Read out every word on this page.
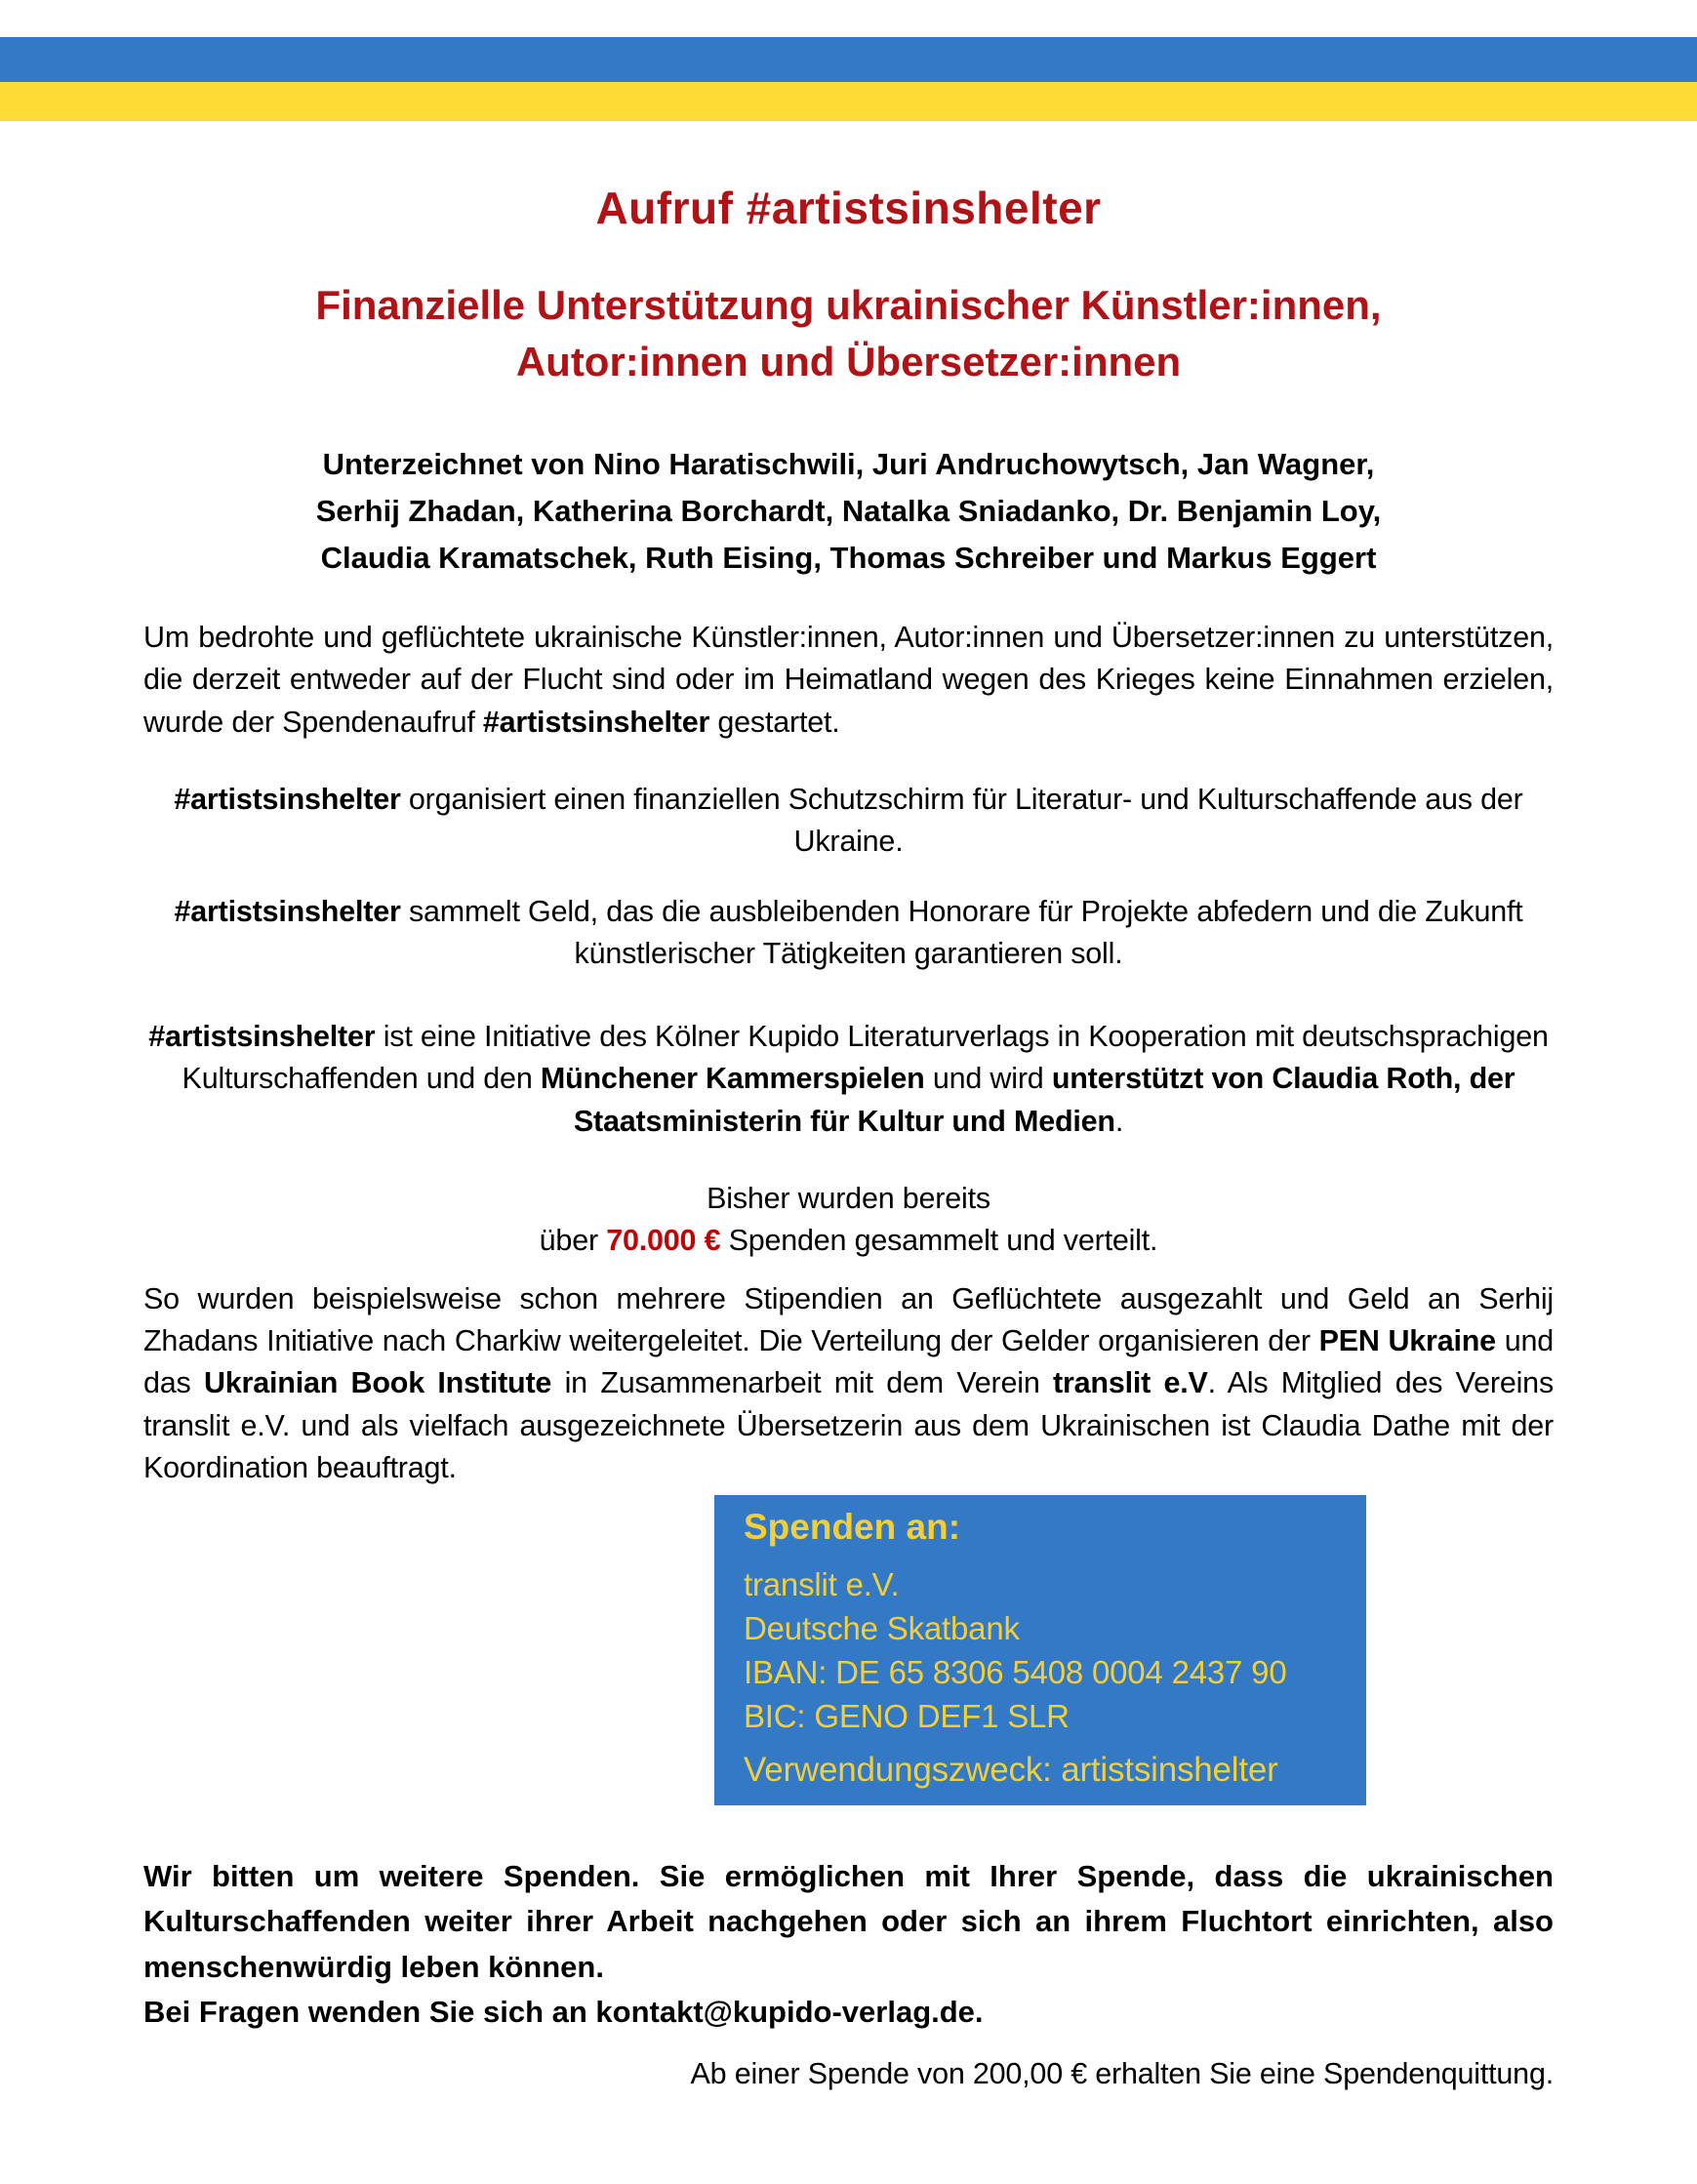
Aufruf #artistsinshelter
Finanzielle Unterstützung ukrainischer Künstler:innen,
Autor:innen und Übersetzer:innen
Unterzeichnet von Nino Haratischwili, Juri Andruchowytsch, Jan Wagner,
Serhij Zhadan, Katherina Borchardt, Natalka Sniadanko, Dr. Benjamin Loy,
Claudia Kramatschek, Ruth Eising, Thomas Schreiber und Markus Eggert

Um bedrohte und geflüchtete ukrainische Künstler:innen, Autor:innen und Übersetzer:innen zu unterstützen, die derzeit entweder auf der Flucht sind oder im Heimatland wegen des Krieges keine Einnahmen erzielen, wurde der Spendenaufruf #artistsinshelter gestartet.

#artistsinshelter organisiert einen finanziellen Schutzschirm für Literatur- und Kulturschaffende aus der Ukraine.

#artistsinshelter sammelt Geld, das die ausbleibenden Honorare für Projekte abfedern und die Zukunft künstlerischer Tätigkeiten garantieren soll.

#artistsinshelter ist eine Initiative des Kölner Kupido Literaturverlags in Kooperation mit deutschsprachigen Kulturschaffenden und den Münchener Kammerspielen und wird unterstützt von Claudia Roth, der Staatsministerin für Kultur und Medien.

Bisher wurden bereits
über 70.000 € Spenden gesammelt und verteilt.

So wurden beispielsweise schon mehrere Stipendien an Geflüchtete ausgezahlt und Geld an Serhij Zhadans Initiative nach Charkiw weitergeleitet. Die Verteilung der Gelder organisieren der PEN Ukraine und das Ukrainian Book Institute in Zusammenarbeit mit dem Verein translit e.V. Als Mitglied des Vereins translit e.V. und als vielfach ausgezeichnete Übersetzerin aus dem Ukrainischen ist Claudia Dathe mit der Koordination beauftragt.

Spenden an:
translit e.V.
Deutsche Skatbank
IBAN: DE 65 8306 5408 0004 2437 90
BIC: GENO DEF1 SLR
Verwendungszweck: artistsinshelter

Wir bitten um weitere Spenden. Sie ermöglichen mit Ihrer Spende, dass die ukrainischen Kulturschaffenden weiter ihrer Arbeit nachgehen oder sich an ihrem Fluchtort einrichten, also menschenwürdig leben können.

Bei Fragen wenden Sie sich an kontakt@kupido-verlag.de.

Ab einer Spende von 200,00 € erhalten Sie eine Spendenquittung.
